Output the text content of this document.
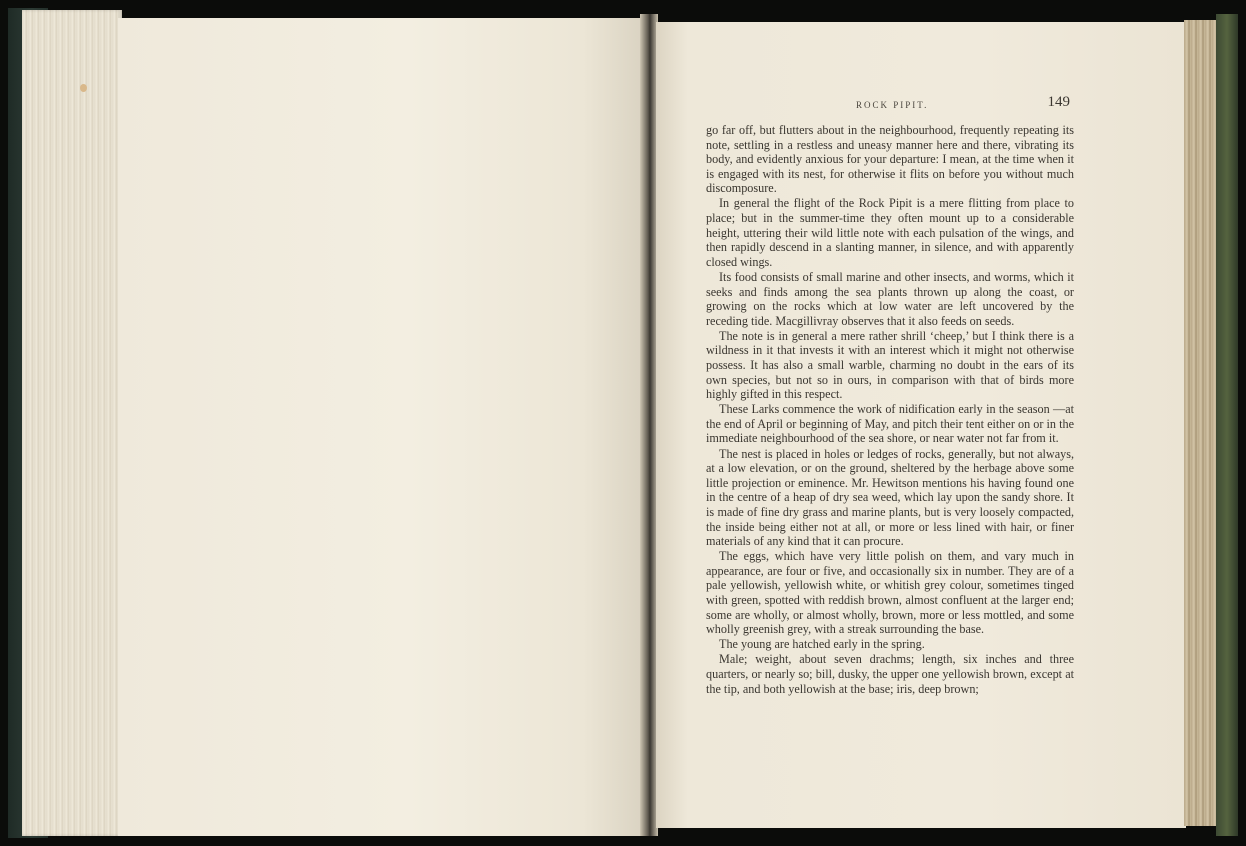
ROCK PIPIT.	149

go far off, but flutters about in the neighbourhood, frequently repeating its note, settling in a restless and uneasy manner here and there, vibrating its body, and evidently anxious for your departure: I mean, at the time when it is engaged with its nest, for otherwise it flits on before you without much discomposure.

In general the flight of the Rock Pipit is a mere flitting from place to place; but in the summer-time they often mount up to a considerable height, uttering their wild little note with each pulsation of the wings, and then rapidly descend in a slanting manner, in silence, and with apparently closed wings.

Its food consists of small marine and other insects, and worms, which it seeks and finds among the sea plants thrown up along the coast, or growing on the rocks which at low water are left uncovered by the receding tide. Macgillivray observes that it also feeds on seeds.

The note is in general a mere rather shrill ‘cheep,’ but I think there is a wildness in it that invests it with an interest which it might not otherwise possess. It has also a small warble, charming no doubt in the ears of its own species, but not so in ours, in comparison with that of birds more highly gifted in this respect.

These Larks commence the work of nidification early in the season —at the end of April or beginning of May, and pitch their tent either on or in the immediate neighbourhood of the sea shore, or near water not far from it.

The nest is placed in holes or ledges of rocks, generally, but not always, at a low elevation, or on the ground, sheltered by the herbage above some little projection or eminence. Mr. Hewitson mentions his having found one in the centre of a heap of dry sea weed, which lay upon the sandy shore. It is made of fine dry grass and marine plants, but is very loosely compacted, the inside being either not at all, or more or less lined with hair, or finer materials of any kind that it can procure.

The eggs, which have very little polish on them, and vary much in appearance, are four or five, and occasionally six in number. They are of a pale yellowish, yellowish white, or whitish grey colour, sometimes tinged with green, spotted with reddish brown, almost confluent at the larger end; some are wholly, or almost wholly, brown, more or less mottled, and some wholly greenish grey, with a streak surrounding the base.

The young are hatched early in the spring.

Male; weight, about seven drachms; length, six inches and three quarters, or nearly so; bill, dusky, the upper one yellowish brown, except at the tip, and both yellowish at the base; iris, deep brown;
